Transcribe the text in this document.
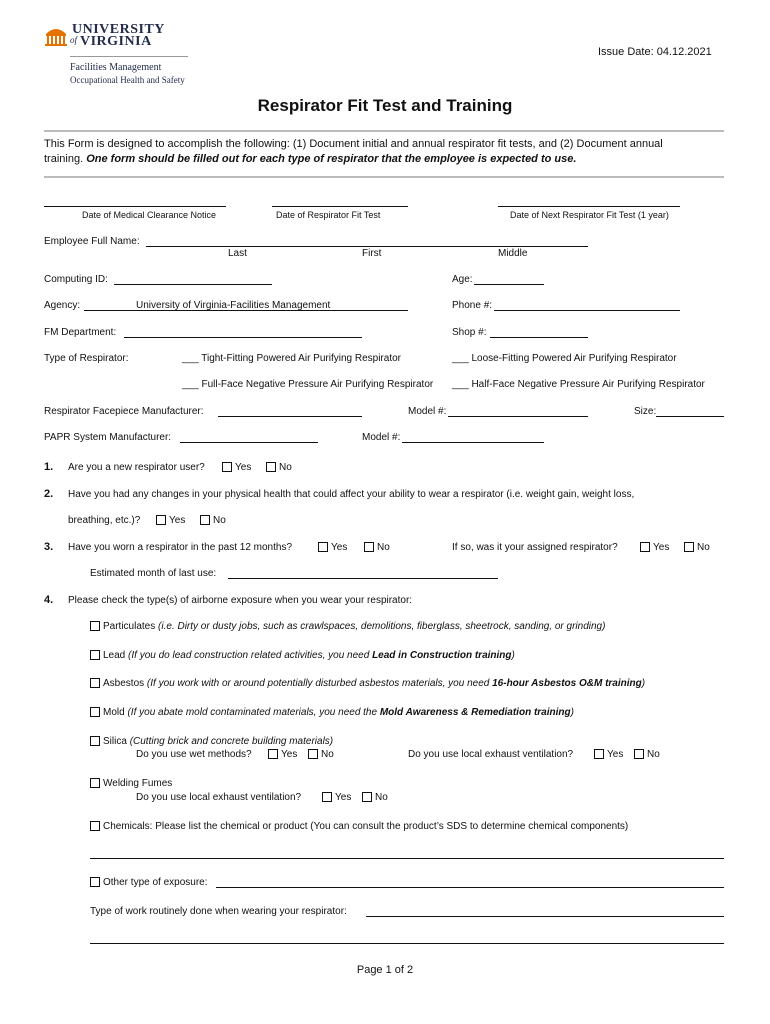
UNIVERSITY
of VIRGINIA
Facilities Management
Occupational Health and Safety
Issue Date: 04.12.2021
Respirator Fit Test and Training
This Form is designed to accomplish the following: (1) Document initial and annual respirator fit tests, and (2) Document annual
training. One form should be filled out for each type of respirator that the employee is expected to use.
Date of Medical Clearance Notice	Date of Respirator Fit Test	Date of Next Respirator Fit Test (1 year)
Employee Full Name:
Last	First	Middle
Computing ID:	Age:
Agency:	University of Virginia-Facilities Management	Phone #:
FM Department:	Shop #:
Type of Respirator:	___ Tight-Fitting Powered Air Purifying Respirator	___ Loose-Fitting Powered Air Purifying Respirator
___ Full-Face Negative Pressure Air Purifying Respirator ___ Half-Face Negative Pressure Air Purifying Respirator
Respirator Facepiece Manufacturer:	Model #:	Size:
PAPR System Manufacturer:	Model #:
1. Are you a new respirator user?	Yes	No
2. Have you had any changes in your physical health that could affect your ability to wear a respirator (i.e. weight gain, weight loss,
breathing, etc.)?	Yes	No
3. Have you worn a respirator in the past 12 months?	Yes	No	If so, was it your assigned respirator?	Yes	No
Estimated month of last use:
4. Please check the type(s) of airborne exposure when you wear your respirator:
Particulates (i.e. Dirty or dusty jobs, such as crawlspaces, demolitions, fiberglass, sheetrock, sanding, or grinding)
Lead (If you do lead construction related activities, you need Lead in Construction training)
Asbestos (If you work with or around potentially disturbed asbestos materials, you need 16-hour Asbestos O&M training)
Mold (If you abate mold contaminated materials, you need the Mold Awareness & Remediation training)
Silica (Cutting brick and concrete building materials)
Do you use wet methods?	Yes	No	Do you use local exhaust ventilation?	Yes	No
Welding Fumes
Do you use local exhaust ventilation?	Yes	No
Chemicals: Please list the chemical or product (You can consult the product’s SDS to determine chemical components)
Other type of exposure:
Type of work routinely done when wearing your respirator:
Page 1 of 2
